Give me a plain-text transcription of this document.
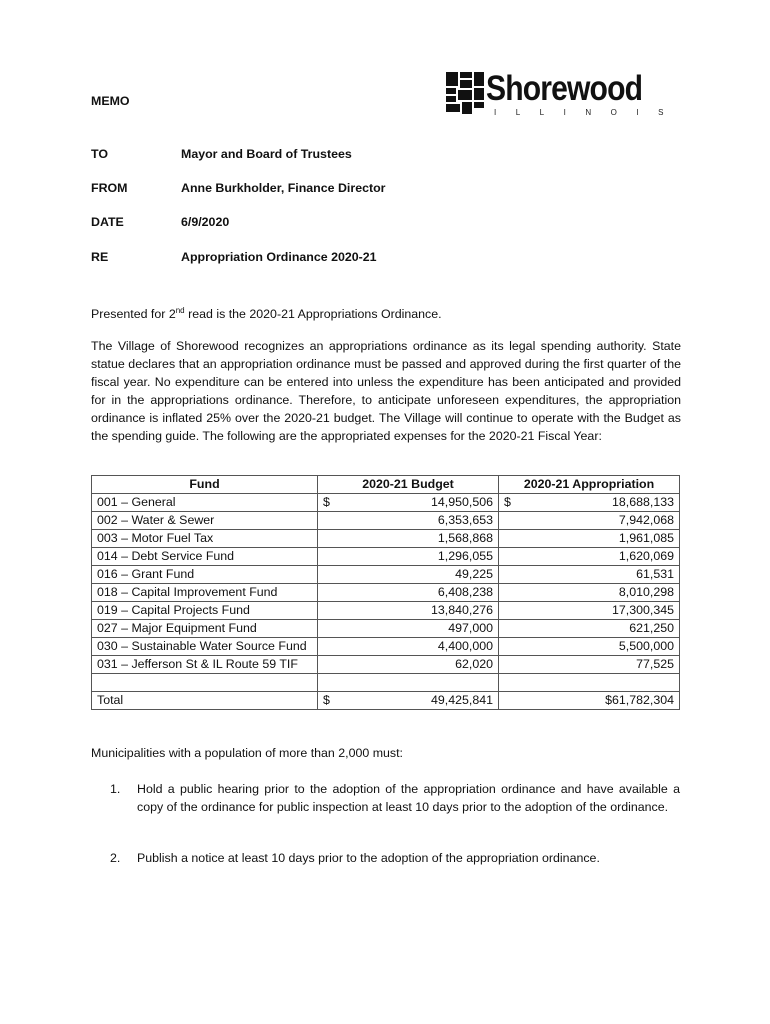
MEMO	Shorewood
ILLINOIS
TO	Mayor and Board of Trustees
FROM	Anne Burkholder, Finance Director
DATE	6/9/2020
RE	Appropriation Ordinance 2020-21
Presented for 2nd read is the 2020-21 Appropriations Ordinance.
The Village of Shorewood recognizes an appropriations ordinance as its legal spending authority. State statue declares that an appropriation ordinance must be passed and approved during the first quarter of the fiscal year. No expenditure can be entered into unless the expenditure has been anticipated and provided for in the appropriations ordinance. Therefore, to anticipate unforeseen expenditures, the appropriation ordinance is inflated 25% over the 2020-21 budget. The Village will continue to operate with the Budget as the spending guide. The following are the appropriated expenses for the 2020-21 Fiscal Year:
Fund	2020-21 Budget	2020-21 Appropriation
001 – General	$ 14,950,506	$ 18,688,133

002 – Water & Sewer	6,353,653	7,942,068

003 – Motor Fuel Tax	1,568,868	1,961,085

014 – Debt Service Fund	1,296,055	1,620,069

016 – Grant Fund	49,225	61,531

018 – Capital Improvement Fund	6,408,238	8,010,298

019 – Capital Projects Fund	13,840,276	17,300,345

027 – Major Equipment Fund	497,000	621,250

030 – Sustainable Water Source Fund	4,400,000	5,500,000

031 – Jefferson St & IL Route 59 TIF	62,020	77,525

Total	$ 49,425,841	$61,782,304
Municipalities with a population of more than 2,000 must:
1. Hold a public hearing prior to the adoption of the appropriation ordinance and have available a copy of the ordinance for public inspection at least 10 days prior to the adoption of the ordinance.
2. Publish a notice at least 10 days prior to the adoption of the appropriation ordinance.
